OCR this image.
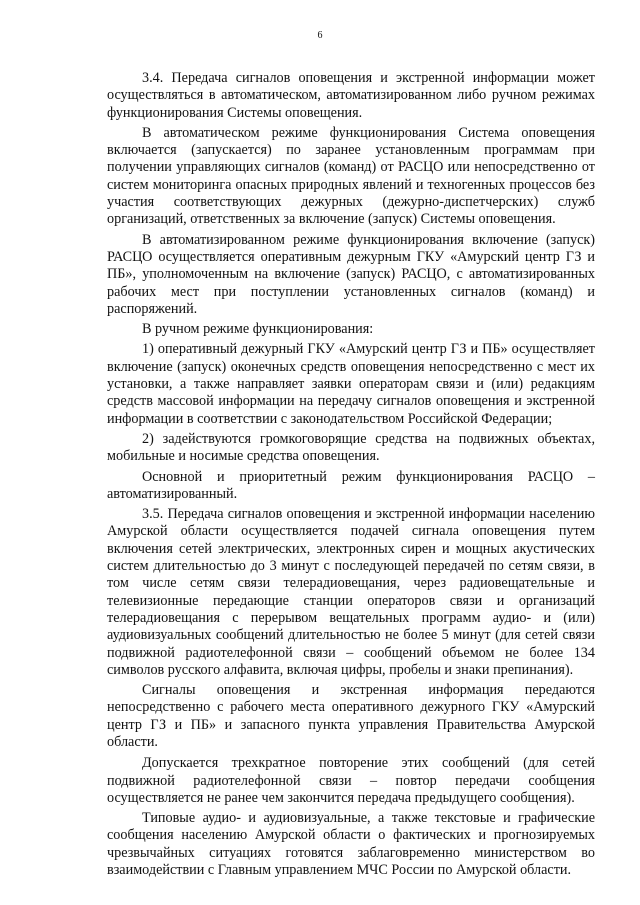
6

3.4. Передача сигналов оповещения и экстренной информации может осуществляться в автоматическом, автоматизированном либо ручном режимах функционирования Системы оповещения.

В автоматическом режиме функционирования Система оповещения включается (запускается) по заранее установленным программам при получении управляющих сигналов (команд) от РАСЦО или непосредственно от систем мониторинга опасных природных явлений и техногенных процессов без участия соответствующих дежурных (дежурно-диспетчерских) служб организаций, ответственных за включение (запуск) Системы оповещения.

В автоматизированном режиме функционирования включение (запуск) РАСЦО осуществляется оперативным дежурным ГКУ «Амурский центр ГЗ и ПБ», уполномоченным на включение (запуск) РАСЦО, с автоматизированных рабочих мест при поступлении установленных сигналов (команд) и распоряжений.

В ручном режиме функционирования:

1) оперативный дежурный ГКУ «Амурский центр ГЗ и ПБ» осуществляет включение (запуск) оконечных средств оповещения непосредственно с мест их установки, а также направляет заявки операторам связи и (или) редакциям средств массовой информации на передачу сигналов оповещения и экстренной информации в соответствии с законодательством Российской Федерации;

2) задействуются громкоговорящие средства на подвижных объектах, мобильные и носимые средства оповещения.

Основной и приоритетный режим функционирования РАСЦО – автоматизированный.

3.5. Передача сигналов оповещения и экстренной информации населению Амурской области осуществляется подачей сигнала оповещения путем включения сетей электрических, электронных сирен и мощных акустических систем длительностью до 3 минут с последующей передачей по сетям связи, в том числе сетям связи телерадиовещания, через радиовещательные и телевизионные передающие станции операторов связи и организаций телерадиовещания с перерывом вещательных программ аудио- и (или) аудиовизуальных сообщений длительностью не более 5 минут (для сетей связи подвижной радиотелефонной связи – сообщений объемом не более 134 символов русского алфавита, включая цифры, пробелы и знаки препинания).

Сигналы оповещения и экстренная информация передаются непосредственно с рабочего места оперативного дежурного ГКУ «Амурский центр ГЗ и ПБ» и запасного пункта управления Правительства Амурской области.

Допускается трехкратное повторение этих сообщений (для сетей подвижной радиотелефонной связи – повтор передачи сообщения осуществляется не ранее чем закончится передача предыдущего сообщения).

Типовые аудио- и аудиовизуальные, а также текстовые и графические сообщения населению Амурской области о фактических и прогнозируемых чрезвычайных ситуациях готовятся заблаговременно министерством во взаимодействии с Главным управлением МЧС России по Амурской области.
